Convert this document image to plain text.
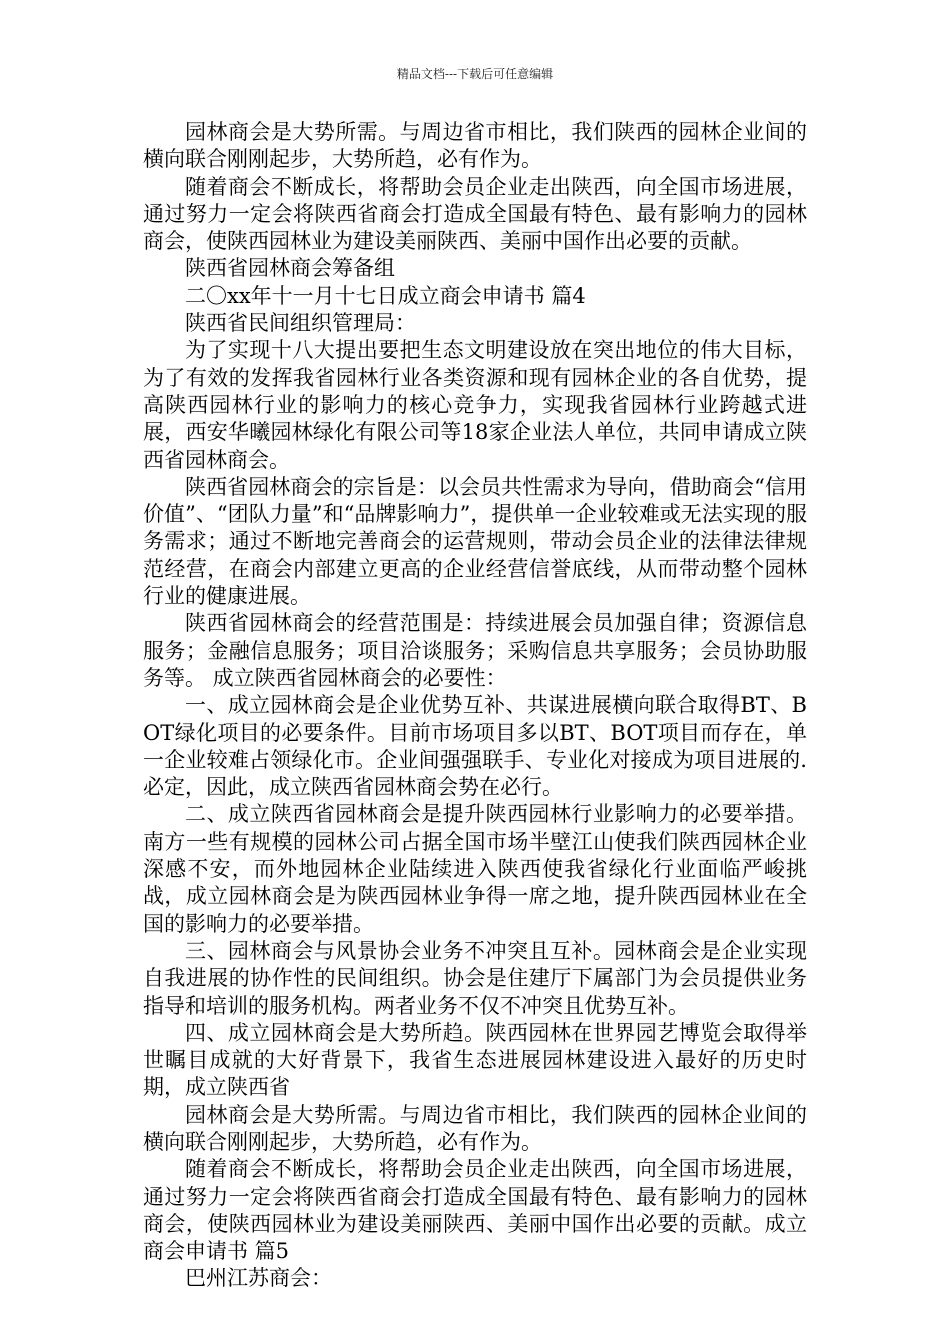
精品文档---下载后可任意编辑

园林商会是大势所需。与周边省市相比，我们陕西的园林企业间的横向联合刚刚起步，大势所趋，必有作为。

随着商会不断成长，将帮助会员企业走出陕西，向全国市场进展，通过努力一定会将陕西省商会打造成全国最有特色、最有影响力的园林商会，使陕西园林业为建设美丽陕西、美丽中国作出必要的贡献。

陕西省园林商会筹备组

二〇xx年十一月十七日成立商会申请书 篇4

陕西省民间组织管理局：

为了实现十八大提出要把生态文明建设放在突出地位的伟大目标，为了有效的发挥我省园林行业各类资源和现有园林企业的各自优势，提高陕西园林行业的影响力的核心竞争力，实现我省园林行业跨越式进展，西安华曦园林绿化有限公司等18家企业法人单位，共同申请成立陕西省园林商会。

陕西省园林商会的宗旨是：以会员共性需求为导向，借助商会“信用价值”、“团队力量”和“品牌影响力”，提供单一企业较难或无法实现的服务需求；通过不断地完善商会的运营规则，带动会员企业的法律法律规范经营，在商会内部建立更高的企业经营信誉底线，从而带动整个园林行业的健康进展。

陕西省园林商会的经营范围是：持续进展会员加强自律；资源信息服务；金融信息服务；项目洽谈服务；采购信息共享服务；会员协助服务等。 成立陕西省园林商会的必要性：

一、成立园林商会是企业优势互补、共谋进展横向联合取得BT、BOT绿化项目的必要条件。目前市场项目多以BT、BOT项目而存在，单一企业较难占领绿化市。企业间强强联手、专业化对接成为项目进展的.必定，因此，成立陕西省园林商会势在必行。

二、成立陕西省园林商会是提升陕西园林行业影响力的必要举措。南方一些有规模的园林公司占据全国市场半壁江山使我们陕西园林企业深感不安，而外地园林企业陆续进入陕西使我省绿化行业面临严峻挑战，成立园林商会是为陕西园林业争得一席之地，提升陕西园林业在全国的影响力的必要举措。

三、园林商会与风景协会业务不冲突且互补。园林商会是企业实现自我进展的协作性的民间组织。协会是住建厅下属部门为会员提供业务指导和培训的服务机构。两者业务不仅不冲突且优势互补。

四、成立园林商会是大势所趋。陕西园林在世界园艺博览会取得举世瞩目成就的大好背景下，我省生态进展园林建设进入最好的历史时期，成立陕西省

园林商会是大势所需。与周边省市相比，我们陕西的园林企业间的横向联合刚刚起步，大势所趋，必有作为。

随着商会不断成长，将帮助会员企业走出陕西，向全国市场进展，通过努力一定会将陕西省商会打造成全国最有特色、最有影响力的园林商会，使陕西园林业为建设美丽陕西、美丽中国作出必要的贡献。成立商会申请书 篇5

巴州江苏商会：
